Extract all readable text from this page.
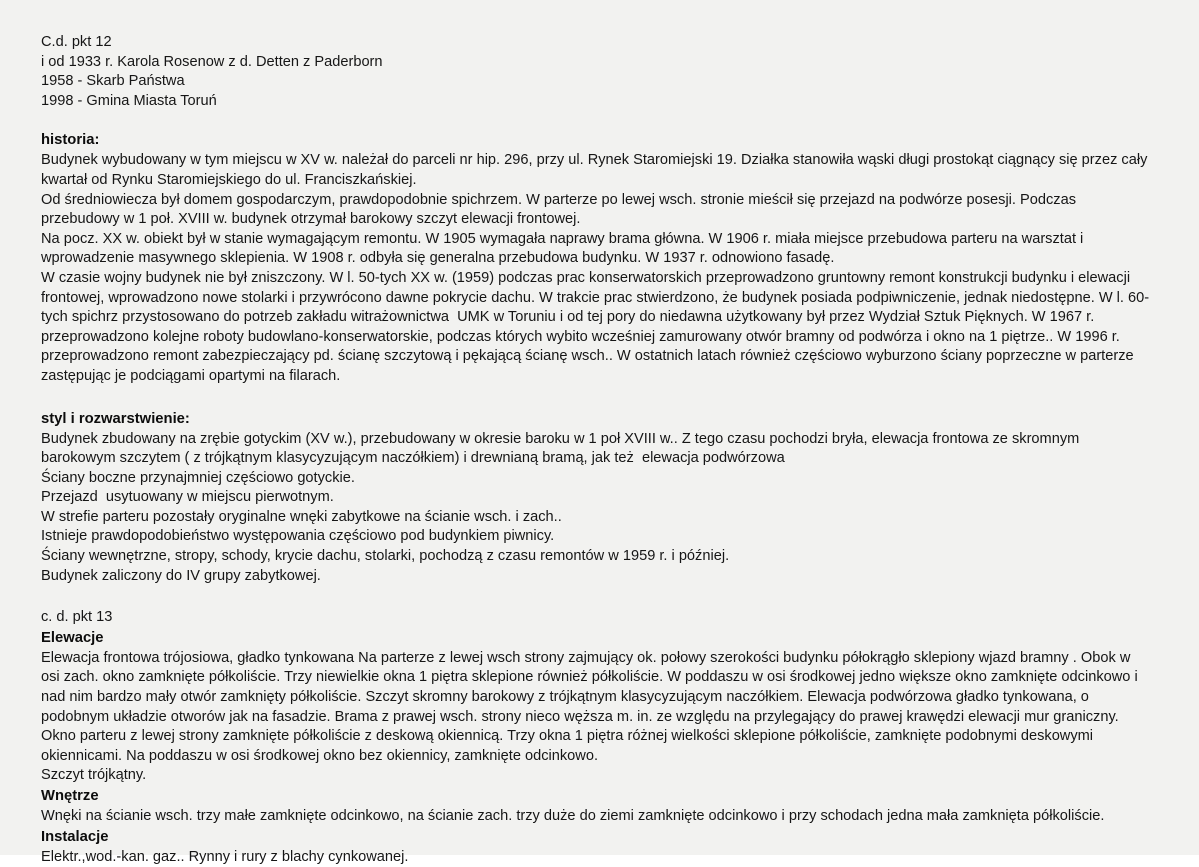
C.d. pkt 12
i od 1933 r. Karola Rosenow z d. Detten z Paderborn
1958 - Skarb Państwa
1998 - Gmina Miasta Toruń
historia:
Budynek wybudowany w tym miejscu w XV w. należał do parceli nr hip. 296, przy ul. Rynek Staromiejski 19. Działka stanowiła wąski długi prostokąt ciągnący się przez cały kwartał od Rynku Staromiejskiego do ul. Franciszkańskiej.
Od średniowiecza był domem gospodarczym, prawdopodobnie spichrzem. W parterze po lewej wsch. stronie mieścił się przejazd na podwórze posesji. Podczas przebudowy w 1 poł. XVIII w. budynek otrzymał barokowy szczyt elewacji frontowej.
Na pocz. XX w. obiekt był w stanie wymagającym remontu. W 1905 wymagała naprawy brama główna. W 1906 r. miała miejsce przebudowa parteru na warsztat i wprowadzenie masywnego sklepienia. W 1908 r. odbyła się generalna przebudowa budynku. W 1937 r. odnowiono fasadę.
W czasie wojny budynek nie był zniszczony. W l. 50-tych XX w. (1959) podczas prac konserwatorskich przeprowadzono gruntowny remont konstrukcji budynku i elewacji frontowej, wprowadzono nowe stolarki i przywrócono dawne pokrycie dachu. W trakcie prac stwierdzono, że budynek posiada podpiwniczenie, jednak niedostępne. W l. 60-tych spichrz przystosowano do potrzeb zakładu witrażownictwa  UMK w Toruniu i od tej pory do niedawna użytkowany był przez Wydział Sztuk Pięknych. W 1967 r. przeprowadzono kolejne roboty budowlano-konserwatorskie, podczas których wybito wcześniej zamurowany otwór bramny od podwórza i okno na 1 piętrze.. W 1996 r. przeprowadzono remont zabezpieczający pd. ścianę szczytową i pękającą ścianę wsch.. W ostatnich latach również częściowo wyburzono ściany poprzeczne w parterze zastępując je podciągami opartymi na filarach.
styl i rozwarstwienie:
Budynek zbudowany na zrębie gotyckim (XV w.), przebudowany w okresie baroku w 1 poł XVIII w.. Z tego czasu pochodzi bryła, elewacja frontowa ze skromnym barokowym szczytem ( z trójkątnym klasycyzującym naczółkiem) i drewnianą bramą, jak też  elewacja podwórzowa
Ściany boczne przynajmniej częściowo gotyckie.
Przejazd  usytuowany w miejscu pierwotnym.
W strefie parteru pozostały oryginalne wnęki zabytkowe na ścianie wsch. i zach..
Istnieje prawdopodobieństwo występowania częściowo pod budynkiem piwnicy.
Ściany wewnętrzne, stropy, schody, krycie dachu, stolarki, pochodzą z czasu remontów w 1959 r. i później.
Budynek zaliczony do IV grupy zabytkowej.
c. d. pkt 13
Elewacje
Elewacja frontowa trójosiowa, gładko tynkowana Na parterze z lewej wsch strony zajmujący ok. połowy szerokości budynku półokrągło sklepiony wjazd bramny . Obok w osi zach. okno zamknięte półkoliście. Trzy niewielkie okna 1 piętra sklepione również półkoliście. W poddaszu w osi środkowej jedno większe okno zamknięte odcinkowo i nad nim bardzo mały otwór zamknięty półkoliście. Szczyt skromny barokowy z trójkątnym klasycyzującym naczółkiem. Elewacja podwórzowa gładko tynkowana, o podobnym układzie otworów jak na fasadzie. Brama z prawej wsch. strony nieco węższa m. in. ze względu na przylegający do prawej krawędzi elewacji mur graniczny. Okno parteru z lewej strony zamknięte półkoliście z deskową okiennicą. Trzy okna 1 piętra różnej wielkości sklepione półkoliście, zamknięte podobnymi deskowymi okiennicami. Na poddaszu w osi środkowej okno bez okiennicy, zamknięte odcinkowo.
Szczyt trójkątny.
Wnętrze
Wnęki na ścianie wsch. trzy małe zamknięte odcinkowo, na ścianie zach. trzy duże do ziemi zamknięte odcinkowo i przy schodach jedna mała zamknięta półkoliście.
Instalacje
Elektr.,wod.-kan. gaz.. Rynny i rury z blachy cynkowanej.
